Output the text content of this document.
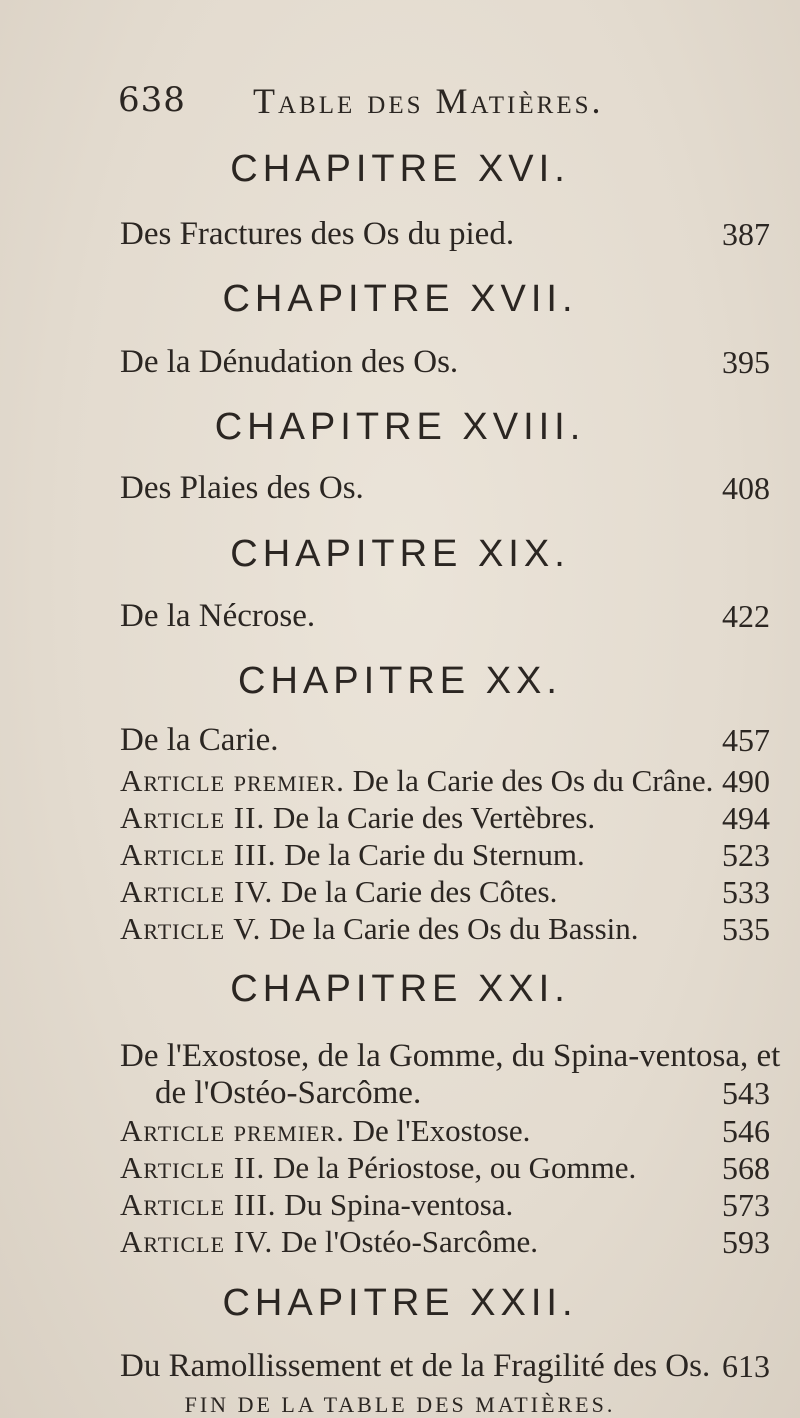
638 Table des Matières.
CHAPITRE XVI.
Des Fractures des Os du pied.	387
CHAPITRE XVII.
De la Dénudation des Os.	395
CHAPITRE XVIII.
Des Plaies des Os.	408
CHAPITRE XIX.
De la Nécrose.	422
CHAPITRE XX.
De la Carie.	457
Article premier. De la Carie des Os du Crâne. 490
Article II. De la Carie des Vertèbres.	494
Article III. De la Carie du Sternum.	523
Article IV. De la Carie des Côtes.	533
Article V. De la Carie des Os du Bassin.	535
CHAPITRE XXI.
De l'Exostose, de la Gomme, du Spina-ventosa, et
de l'Ostéo-Sarcôme.	543
Article premier. De l'Exostose.	546
Article II. De la Périostose, ou Gomme.	568
Article III. Du Spina-ventosa.	573
Article IV. De l'Ostéo-Sarcôme.	593
CHAPITRE XXII.
Du Ramollissement et de la Fragilité des Os. 613
FIN DE LA TABLE DES MATIÈRES.
